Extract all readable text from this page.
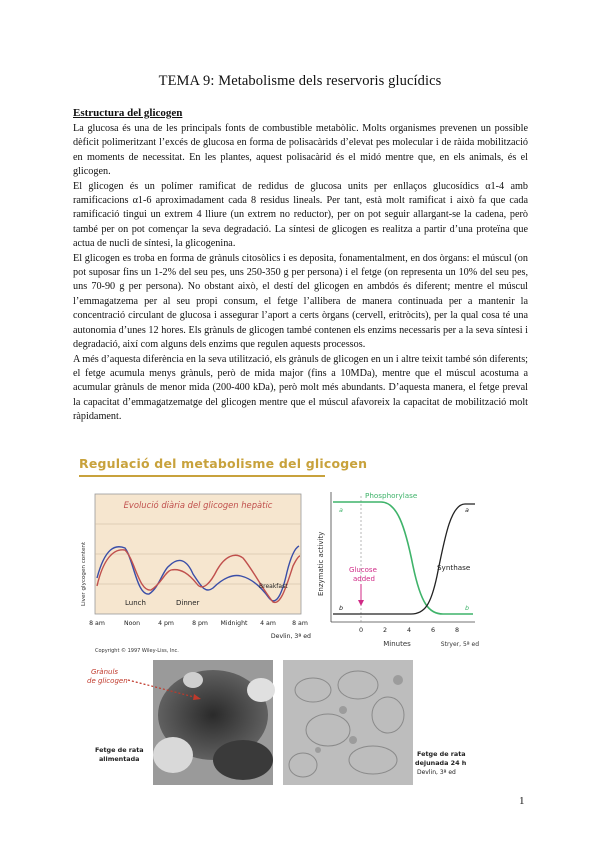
TEMA 9: Metabolisme dels reservoris glucídics
Estructura del glicogen

La glucosa és una de les principals fonts de combustible metabòlic. Molts organismes prevenen un possible dèficit polimeritzant l’excés de glucosa en forma de polisacàrids d’elevat pes molecular i de ràida mobilització en moments de necessitat. En les plantes, aquest polisacàrid és el midó mentre que, en els animals, és el glicogen.

El glicogen és un polímer ramificat de redidus de glucosa units per enllaços glucosídics α1-4 amb ramificacions α1-6 aproximadament cada 8 residus lineals. Per tant, està molt ramificat i això fa que cada ramificació tingui un extrem 4 lliure (un extrem no reductor), per on pot seguir allargant-se la cadena, però també per on pot començar la seva degradació. La síntesi de glicogen es realitza a partir d’una proteïna que actua de nucli de síntesi, la glicogenina.

El glicogen es troba en forma de grànuls citosòlics i es deposita, fonamentalment, en dos òrgans: el múscul (on pot suposar fins un 1-2% del seu pes, uns 250-350 g per persona) i el fetge (on representa un 10% del seu pes, uns 70-90 g per persona). No obstant això, el destí del glicogen en ambdós és diferent; mentre el múscul l’emmagatzema per al seu propi consum, el fetge l’allibera de manera continuada per a mantenir la concentració circulant de glucosa i assegurar l’aport a certs òrgans (cervell, eritròcits), per la qual cosa té una autonomia d’unes 12 hores. Els grànuls de glicogen també contenen els enzims necessaris per a la seva síntesi i degradació, així com alguns dels enzims que regulen aquests processos.

A més d’aquesta diferència en la seva utilització, els grànuls de glicogen en un i altre teixit també són diferents; el fetge acumula menys grànuls, però de mida major (fins a 10MDa), mentre que el múscul acostuma a acumular grànuls de menor mida (200-400 kDa), però molt més abundants. D’aquesta manera, el fetge preval la capacitat d’emmagatzematge del glicogen mentre que el múscul afavoreix la capacitat de mobilització molt ràpidament.

Regulació del metabolisme del glicogen
Evolució diària del glicogen hepàtic
Liver glycogen content	Lunch	Dinner
Breakfast
8 am	Noon	4 pm	8 pm Midnight 4 am	8 am
Devlin, 3ª ed
Copyright © 1997 Wiley-Liss, Inc.
Enzymatic activity
Phosphorylase
Synthase
a	a
b	b
Glucose
added
0	2	4	6	8
Minutes	Stryer, 5ª ed
Grànuls
de glicogen
Fetge de rata
alimentada
Fetge de rata
dejunada 24 h
Devlin, 3ª ed
1
